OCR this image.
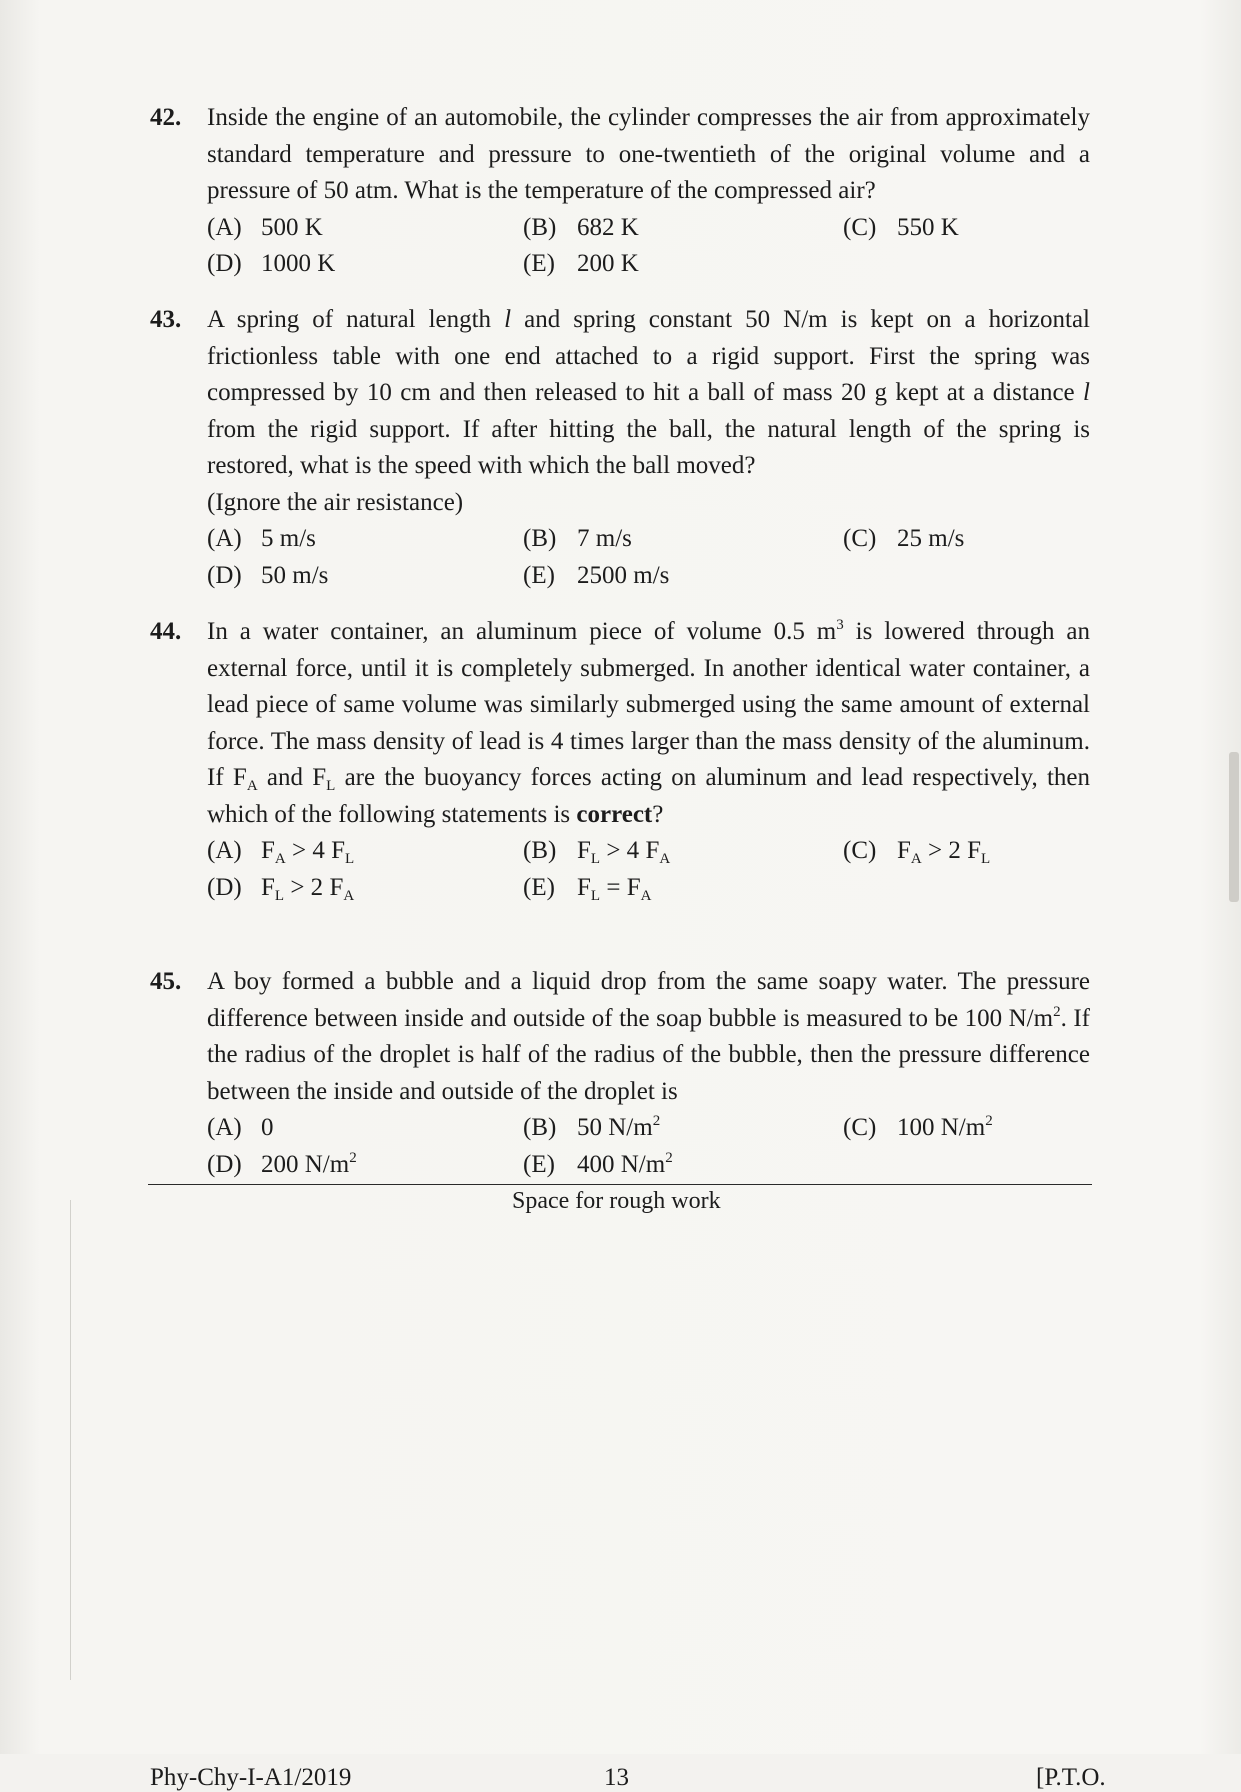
42. Inside the engine of an automobile, the cylinder compresses the air from approximately standard temperature and pressure to one-twentieth of the original volume and a pressure of 50 atm. What is the temperature of the compressed air?
(A) 500 K	(B) 682 K	(C) 550 K
(D) 1000 K	(E) 200 K
43. A spring of natural length l and spring constant 50 N/m is kept on a horizontal frictionless table with one end attached to a rigid support. First the spring was compressed by 10 cm and then released to hit a ball of mass 20 g kept at a distance l from the rigid support. If after hitting the ball, the natural length of the spring is restored, what is the speed with which the ball moved?
(Ignore the air resistance)
(A) 5 m/s	(B) 7 m/s	(C) 25 m/s
(D) 50 m/s	(E) 2500 m/s
44. In a water container, an aluminum piece of volume 0.5 $m^3$ is lowered through an external force, until it is completely submerged. In another identical water container, a lead piece of same volume was similarly submerged using the same amount of external force. The mass density of lead is 4 times larger than the mass density of the aluminum. If $F_A$ and $F_L$ are the buoyancy forces acting on aluminum and lead respectively, then which of the following statements is correct?
(A) $F_A > 4$ $F_L$	(B) $F_L > 4$ $F_A$	(C) $F_A > 2$ $F_L$
(D) $F_L > 2$ $F_A$	(E) $F_L = F_A$
45. A boy formed a bubble and a liquid drop from the same soapy water. The pressure difference between inside and outside of the soap bubble is measured to be 100 $N/m^2$. If the radius of the droplet is half of the radius of the bubble, then the pressure difference between the inside and outside of the droplet is
(A) 0	(B) 50 $N/m^2$	(C) 100 $N/m^2$
(D) 200 $N/m^2$	(E) 400 $N/m^2$
Space for rough work
Phy-Chy-I-A1/2019	13	[P.T.O.
